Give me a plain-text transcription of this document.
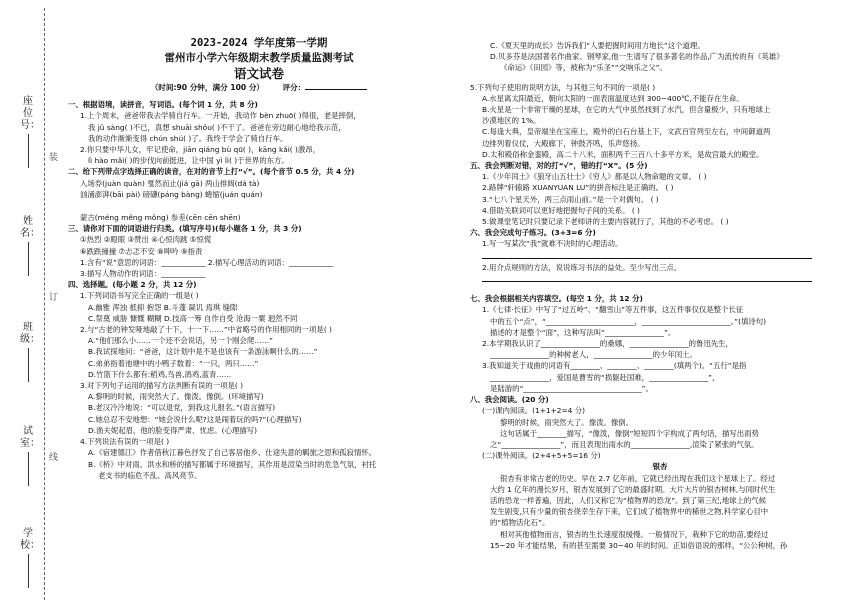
座位号：
姓名：
班级：
试室：
学校：
装
订
线
2023-2024 学年度第一学期
雷州市小学六年级期末教学质量监测考试
语文试卷
（时间:90 分钟，满分 100 分） 评分：

一、根据语境，读拼音，写词语。(每个词 1 分，共 8 分)

1.上个周末，爸爸带我去学骑自行车。一开始，我动作 bèn zhuō( )得很，老是摔倒，

我 jǔ sàng( )不已，真想 shuāi shǒu( )不干了。爸爸在旁边耐心地给我示范，

我的动作渐渐变得 chún shú( )了。我终于学会了骑自行车。

2.你只要中华儿女，牢记使命，jiān qiáng bù qū( )，kāng kǎi( )激昂，

lì hào mǎi( )的步伐向前挺进，让中国 yì lì( )于世界的东方。

二、给下列带点字选择正确的读音，在对的音节上打“√”。(每个音节 0.5 分，共 4 分)

入场券(juàn quàn) 戛然而止(jiá gā) 两山排闼(dá tà)

汹涌澎湃(bāi pài) 磅礴(páng bàng) 蜷缩(juán quán)

蒙古(méng měng mǒng) 参差(cēn cēn shēn)

三、请你对下面的词语进行归类。(填写序号)(每小题各 1 分，共 3 分)

①热烈 ②瞪眼 ③赞出 ④心惊肉跳 ⑤惊慌

⑥跌跌撞撞 ⑦忐忑不安 ⑧呻吟 ⑨指责

1.含有“说”意思的词语：____________ 2.描写心理活动的词语：____________

3.描写人物动作的词语：____________

四、选择题。(每小题 2 分，共 12 分)

1.下列词语书写完全正确的一组是( )

A.幽雅 浑浊 抵抑 抱怨 B.斗蓬 凝讥 焉琪 缝隙

C.祭奠 威胁 慷慨 糊糊 D.技高一筹 自作自受 沧海一粟 迥然不同

2.与“古老的钟发哑地敲了十下，十一下……”中省略号的作用相同的一项是( )

A.“他们那么小……一个还不会说话，另一个刚会爬……”

B.我试探地问：“爸爸，这计划中是不是也该有一条游泳啊什么的……”

C.弟弟指着池塘中的小鸭子数着：“一只，两只……”

D.竹篮下什么都有:稻鸡,鸟兽,鸽鸡,蓝青……

3.对下列句子运用的描写方法判断有误的一项是( )

A.黎明的时候，雨突然大了。像泼。像倒。(环境描写)

B.老汉冷冷地说：“可以退党，到我这儿报名。”(语言描写)

C.她总忍不安地想：“她会说什么呢?这是闹着玩的吗?”(心理描写)

D.渔夫妮起眉，他的脸变得严肃、忧虑。(心理描写)

4.下列说法有误的一项是( )

A.《宿建德江》作者借秋江暮色抒发了自己客居他乡、仕途失意的羁旅之思和孤寂情怀。

B.《桥》中对雨、洪水和桥的描写都属于环境描写，其作用是渲染当时的危急气氛，衬托

老支书的临危不乱、高风亮节。

C.《夏天里的成长》告诉我们“人要把握时间用力地长”这个道理。

D.贝多芬是法国著名作曲家、钢琴家,他一生谱写了很多著名的作品,广为流传的有《英雄》

《命运》《田园》等，被称为“乐圣”“交响乐之父”。

5.下列句子使用的说明方法，与其他三句不同的一项是( )

A.水星离太阳最近，朝向太阳的一面表面温度达到 300~400℃,不能存在生命。

B.火星是一个非常干燥的星球，在它的大气中虽然找到了水汽，但含量极少，只有地球上

沙漠地区的 1%。

C.每逢大典，皇帝端坐在宝座上，殿外的白石台基上下，文武百官列至左右，中间御道两

边排列着仪仗，大殿廊下，钟鼓齐鸣，乐声悠扬。

D.太和殿俗称金銮殿，高二十八米，面积两千三百八十多平方米，是故宫最大的殿堂。

五、我会判断对错，对的打“√”，错的打“X”。(5 分)

1.《少年闰土》《狼牙山五壮士》《穷人》都是以人物命题的文章。 ( )

2.路牌“轩辕路 XUANYUAN LU”的拼音标注是正确的。 ( )

3.“七八个星天外，两三点雨山前。”是一个对偶句。 ( )

4.借助关联词可以更好地把握句子间的关系。 ( )

5.做课堂笔记时只要记录下老师讲的主要内容就行了，其他的不必考虑。 ( )

六、我会完成句子练习。(3+3=6 分)

1.写一写某次“我”就难不决时的心理活动。

2.用介点规则的方法，说说练习书法的益处。至少写出三点。

七、我会根据相关内容填空。(每空 1 分，共 12 分)

1.《七律·长征》中写了“过五岭”、“翻雪山”等五件事，这五件事仅仅是整个长征

中的五个“点”，“________________________，________________________。”(填诗句)

描述的才是整个“面”，这种写法叫“________________”。

2.本学期我认识了________________的桑娜，________________的鲁迅先生，

________________的种树老人，________________的少年闰土。

3.我知道关于戏曲的词语有________、________、________(填两个)。“五行”是指

________________，爱国是曹雪的“损躯赴国难，________________”，

是陆游的“________________________________”。

八、我会阅读。(20 分)

(一)课内阅读。(1+1+2=4 分)

黎明的时候，雨突然大了。像泼。像倒。

这句话属于________描写，“像泼，像倒”短短四个字构成了两句话，描写出雨势

之“________________”，而且表现出雨水的________________,渲染了紧张的气氛。

(二)课外阅读。(2+4+5+5=16 分)

银杏

银杏有非常古老的历史。早在 2.7 亿年前，它就已经出现在我们这个星球上了。经过

大约 1 亿年的漫长岁月，银杏发展到了它的最盛时期。大片大片的银杏树林,与同时代生

活的恐龙一样普遍，因此，人们又称它为“植物界的恐龙”。到了第三纪,地球上的气候

发生剧变,只有少量的银杏侥幸生存下来，它们成了植物界中的稀世之物,科学家心目中

的“植物活化石”。

相对其他植物而言，银杏的生长速度很缓慢。一般情况下，栽种下它的幼苗,要经过

15~20 年才能结果，有的甚至需要 30~40 年的时间。正如俗语说的那样，“公公种树，孙
